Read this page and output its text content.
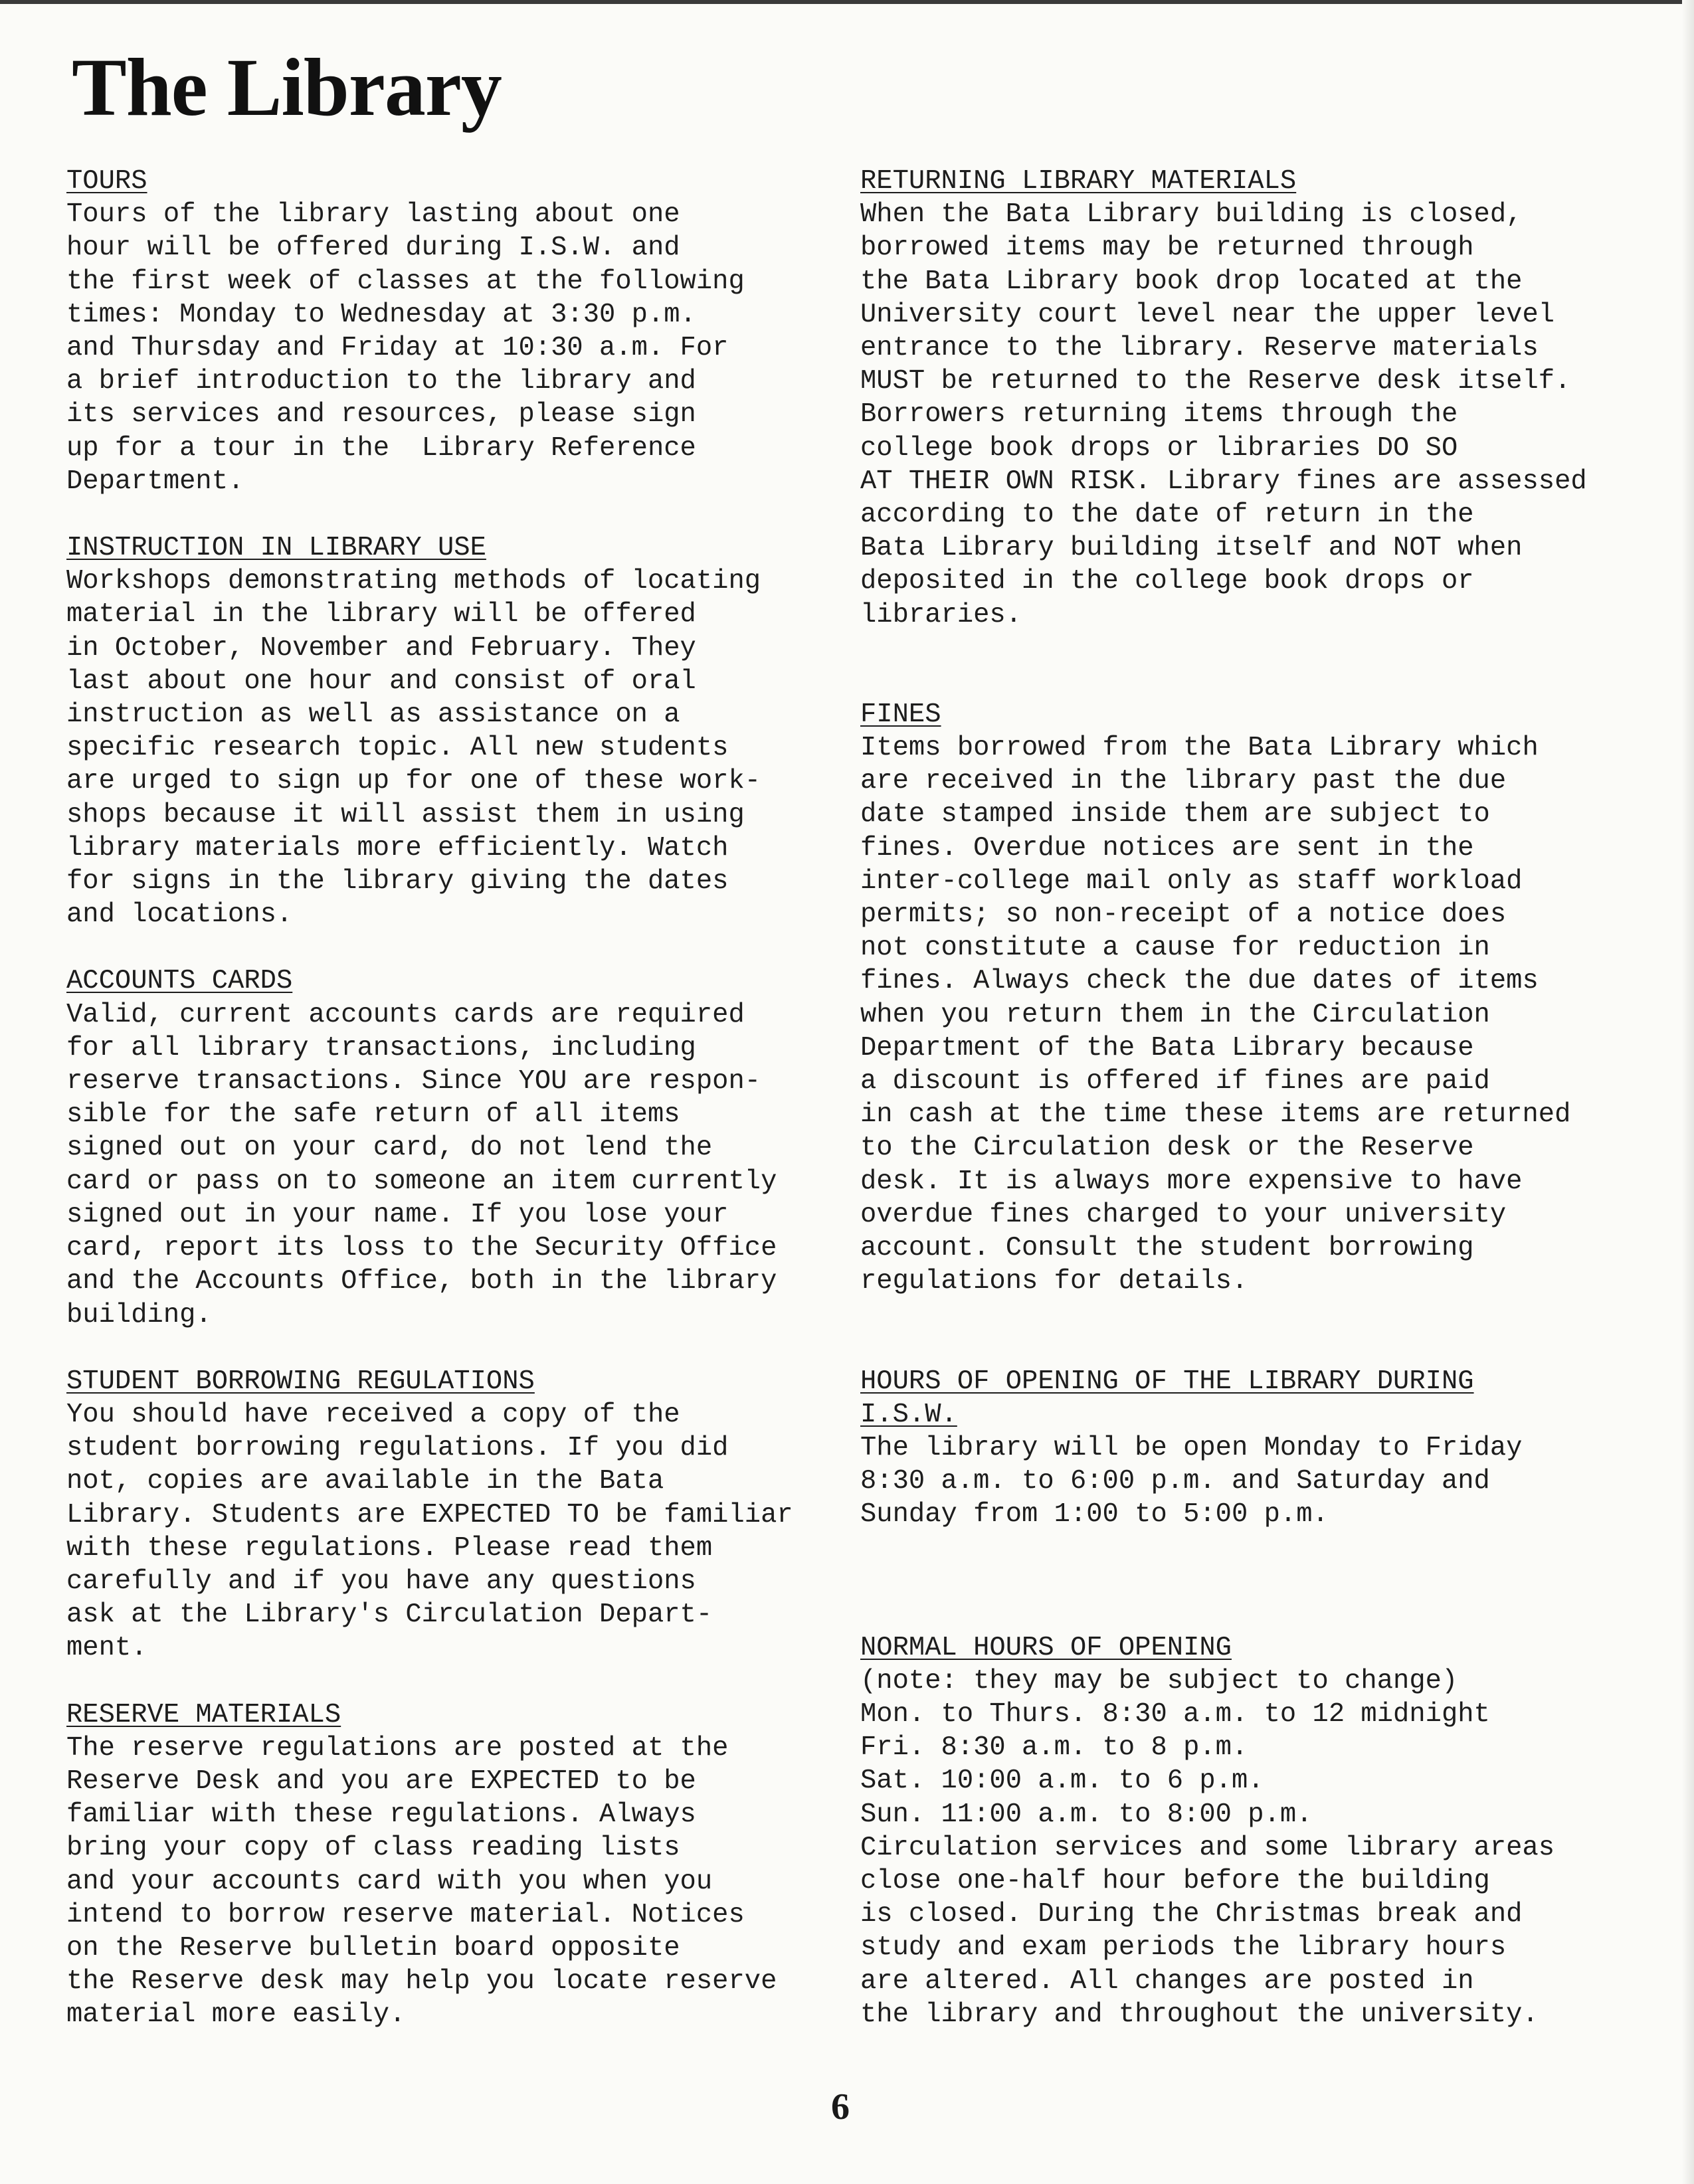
The Library
TOURS
Tours of the library lasting about one
hour will be offered during I.S.W. and
the first week of classes at the following
times: Monday to Wednesday at 3:30 p.m.
and Thursday and Friday at 10:30 a.m. For
a brief introduction to the library and
its services and resources, please sign
up for a tour in the  Library Reference
Department.
INSTRUCTION IN LIBRARY USE
Workshops demonstrating methods of locating
material in the library will be offered
in October, November and February. They
last about one hour and consist of oral
instruction as well as assistance on a
specific research topic. All new students
are urged to sign up for one of these work-
shops because it will assist them in using
library materials more efficiently. Watch
for signs in the library giving the dates
and locations.
ACCOUNTS CARDS
Valid, current accounts cards are required
for all library transactions, including
reserve transactions. Since YOU are respon-
sible for the safe return of all items
signed out on your card, do not lend the
card or pass on to someone an item currently
signed out in your name. If you lose your
card, report its loss to the Security Office
and the Accounts Office, both in the library
building.
STUDENT BORROWING REGULATIONS
You should have received a copy of the
student borrowing regulations. If you did
not, copies are available in the Bata
Library. Students are EXPECTED TO be familiar
with these regulations. Please read them
carefully and if you have any questions
ask at the Library's Circulation Depart-
ment.
RESERVE MATERIALS
The reserve regulations are posted at the
Reserve Desk and you are EXPECTED to be
familiar with these regulations. Always
bring your copy of class reading lists
and your accounts card with you when you
intend to borrow reserve material. Notices
on the Reserve bulletin board opposite
the Reserve desk may help you locate reserve
material more easily.
RETURNING LIBRARY MATERIALS
When the Bata Library building is closed,
borrowed items may be returned through
the Bata Library book drop located at the
University court level near the upper level
entrance to the library. Reserve materials
MUST be returned to the Reserve desk itself.
Borrowers returning items through the
college book drops or libraries DO SO
AT THEIR OWN RISK. Library fines are assessed
according to the date of return in the
Bata Library building itself and NOT when
deposited in the college book drops or
libraries.
FINES
Items borrowed from the Bata Library which
are received in the library past the due
date stamped inside them are subject to
fines. Overdue notices are sent in the
inter-college mail only as staff workload
permits; so non-receipt of a notice does
not constitute a cause for reduction in
fines. Always check the due dates of items
when you return them in the Circulation
Department of the Bata Library because
a discount is offered if fines are paid
in cash at the time these items are returned
to the Circulation desk or the Reserve
desk. It is always more expensive to have
overdue fines charged to your university
account. Consult the student borrowing
regulations for details.
HOURS OF OPENING OF THE LIBRARY DURING
I.S.W.
The library will be open Monday to Friday
8:30 a.m. to 6:00 p.m. and Saturday and
Sunday from 1:00 to 5:00 p.m.
NORMAL HOURS OF OPENING
(note: they may be subject to change)
Mon. to Thurs. 8:30 a.m. to 12 midnight
Fri. 8:30 a.m. to 8 p.m.
Sat. 10:00 a.m. to 6 p.m.
Sun. 11:00 a.m. to 8:00 p.m.
Circulation services and some library areas
close one-half hour before the building
is closed. During the Christmas break and
study and exam periods the library hours
are altered. All changes are posted in
the library and throughout the university.
6
